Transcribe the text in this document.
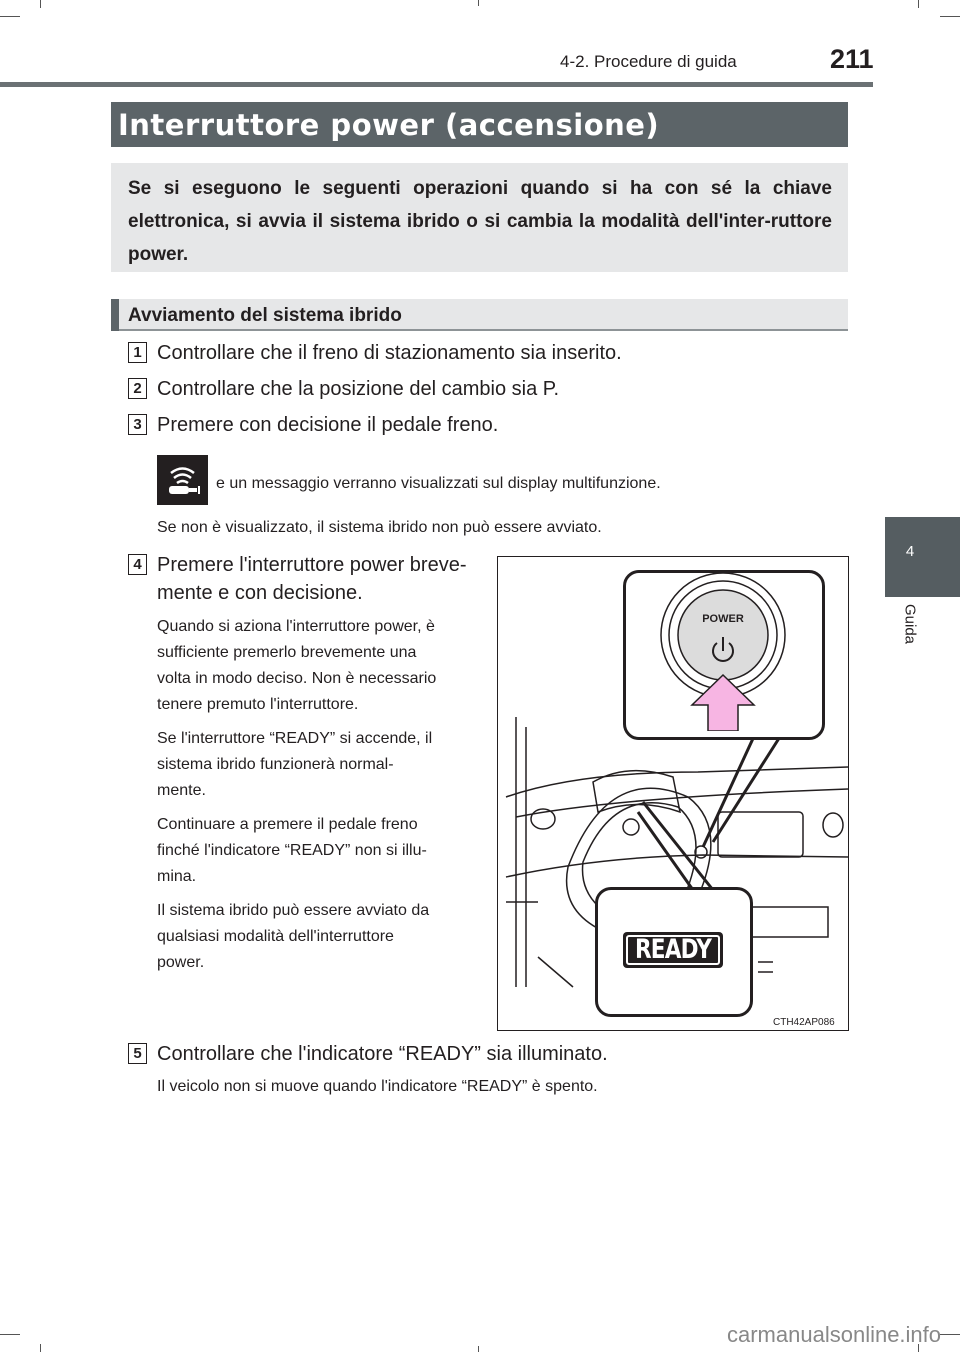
4-2. Procedure di guida	211
4
Guida
Interruttore power (accensione)
Se si eseguono le seguenti operazioni quando si ha con sé la chiave elettronica, si avvia il sistema ibrido o si cambia la modalità dell'inter-ruttore power.
Avviamento del sistema ibrido
1 Controllare che il freno di stazionamento sia inserito.
2 Controllare che la posizione del cambio sia P.
3 Premere con decisione il pedale freno.
e un messaggio verranno visualizzati sul display multifunzione.
Se non è visualizzato, il sistema ibrido non può essere avviato.
4 Premere l'interruttore power breve-
mente e con decisione.
Quando si aziona l'interruttore power, è
sufficiente premerlo brevemente una
volta in modo deciso. Non è necessario
tenere premuto l'interruttore.
Se l'interruttore “READY” si accende, il
sistema ibrido funzionerà normal-
mente.
Continuare a premere il pedale freno
finché l'indicatore “READY” non si illu-
mina.
Il sistema ibrido può essere avviato da
qualsiasi modalità dell'interruttore
power.
POWER
READY
CTH42AP086
5 Controllare che l'indicatore “READY” sia illuminato.
Il veicolo non si muove quando l'indicatore “READY” è spento.
carmanualsonline.info
